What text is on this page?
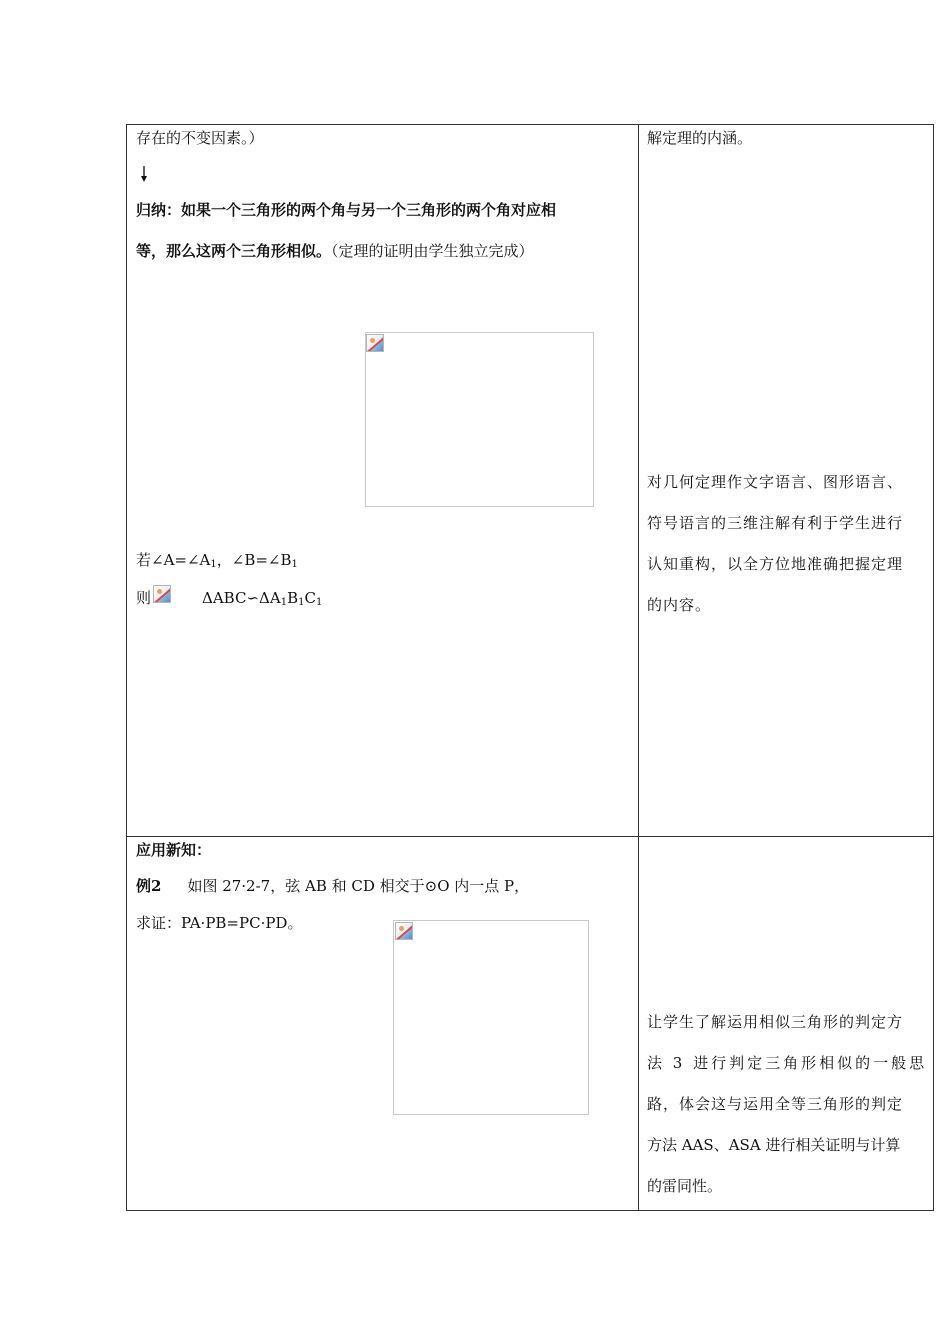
存在的不变因素。）
归纳：如果一个三角形的两个角与另一个三角形的两个角对应相
等，那么这两个三角形相似。（定理的证明由学生独立完成）
若$\angle A=\angle A_1$，$\angle B=\angle B_1$
则	$\Delta ABC∽\Delta A_1B_1C_1$
解定理的内涵。
对几何定理作文字语言、图形语言、
符号语言的三维注解有利于学生进行
认知重构，以全方位地准确把握定理
的内容。
应用新知：
例2 如图 27·2-7，弦 AB 和 CD 相交于⊙O 内一点 P，
求证：PA·PB=PC·PD。
让学生了解运用相似三角形的判定方
法 3 进行判定三角形相似的一般思
路，体会这与运用全等三角形的判定
方法 AAS、ASA 进行相关证明与计算
的雷同性。
